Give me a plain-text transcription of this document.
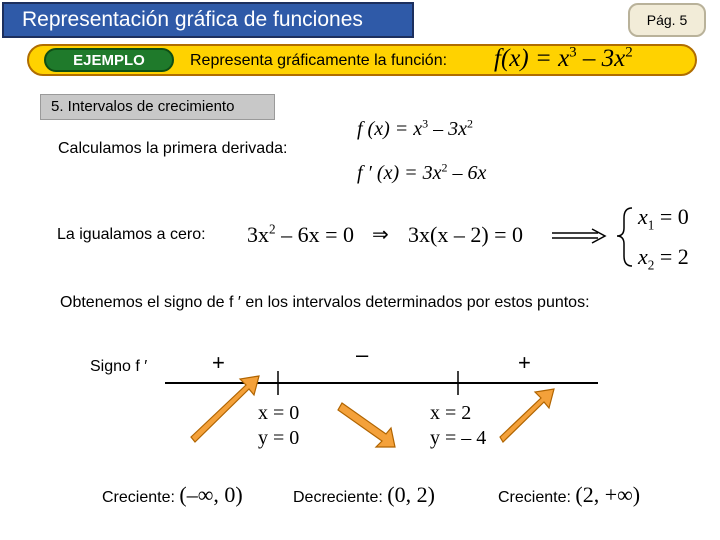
Representación gráfica de funciones	Pág. 5
EJEMPLO	Representa gráficamente la función: $f(x) = x^3 - 3x^2$
5. Intervalos de crecimiento
Calculamos la primera derivada:
f $(x) = x^3 - 3x^2$
f ′ $(x) = 3x^2 - 6x$
La igualamos a cero: $3x^2 - 6x = 0$ ⇒ 3x(x – 2) = 0
$x_1 = 0$
$x_2 = 2$
Obtenemos el signo de f ′ en los intervalos determinados por estos puntos:
Signo f ′	+	–	+
x = 0
y = 0
x = 2
y = – 4
Creciente: (–∞, 0)	Decreciente: (0, 2)	Creciente: (2, +∞)
